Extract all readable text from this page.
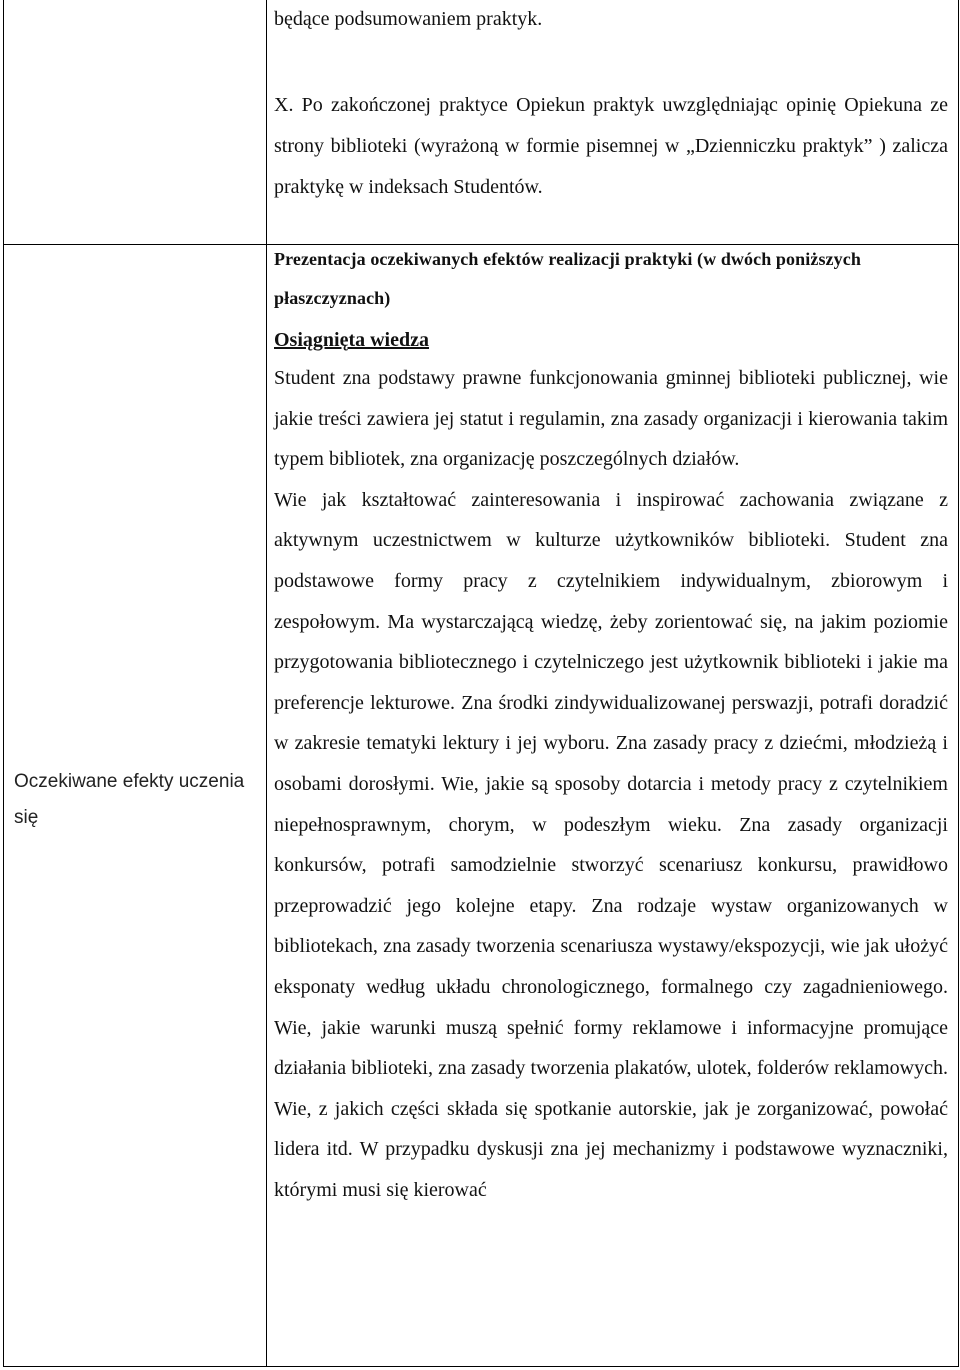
będące podsumowaniem praktyk.

X. Po zakończonej praktyce Opiekun praktyk uwzględniając opinię Opiekuna ze strony biblioteki (wyrażoną w formie pisemnej w „Dzienniczku praktyk” ) zalicza praktykę w indeksach Studentów.

Oczekiwane efekty uczenia się

Prezentacja oczekiwanych efektów realizacji praktyki (w dwóch poniższych płaszczyznach)

Osiągnięta wiedza

Student zna podstawy prawne funkcjonowania gminnej biblioteki publicznej, wie jakie treści zawiera jej statut i regulamin, zna zasady organizacji i kierowania takim typem bibliotek, zna organizację poszczególnych działów.

Wie jak kształtować zainteresowania i inspirować zachowania związane z aktywnym uczestnictwem w kulturze użytkowników biblioteki. Student zna podstawowe formy pracy z czytelnikiem indywidualnym, zbiorowym i zespołowym. Ma wystarczającą wiedzę, żeby zorientować się, na jakim poziomie przygotowania bibliotecznego i czytelniczego jest użytkownik biblioteki i jakie ma preferencje lekturowe. Zna środki zindywidualizowanej perswazji, potrafi doradzić w zakresie tematyki lektury i jej wyboru. Zna zasady pracy z dziećmi, młodzieżą i osobami dorosłymi. Wie, jakie są sposoby dotarcia i metody pracy z czytelnikiem niepełnosprawnym, chorym, w podeszłym wieku. Zna zasady organizacji konkursów, potrafi samodzielnie stworzyć scenariusz konkursu, prawidłowo przeprowadzić jego kolejne etapy. Zna rodzaje wystaw organizowanych w bibliotekach, zna zasady tworzenia scenariusza wystawy/ekspozycji, wie jak ułożyć eksponaty według układu chronologicznego, formalnego czy zagadnieniowego. Wie, jakie warunki muszą spełnić formy reklamowe i informacyjne promujące działania biblioteki, zna zasady tworzenia plakatów, ulotek, folderów reklamowych. Wie, z jakich części składa się spotkanie autorskie, jak je zorganizować, powołać lidera itd. W przypadku dyskusji zna jej mechanizmy i podstawowe wyznaczniki, którymi musi się kierować
